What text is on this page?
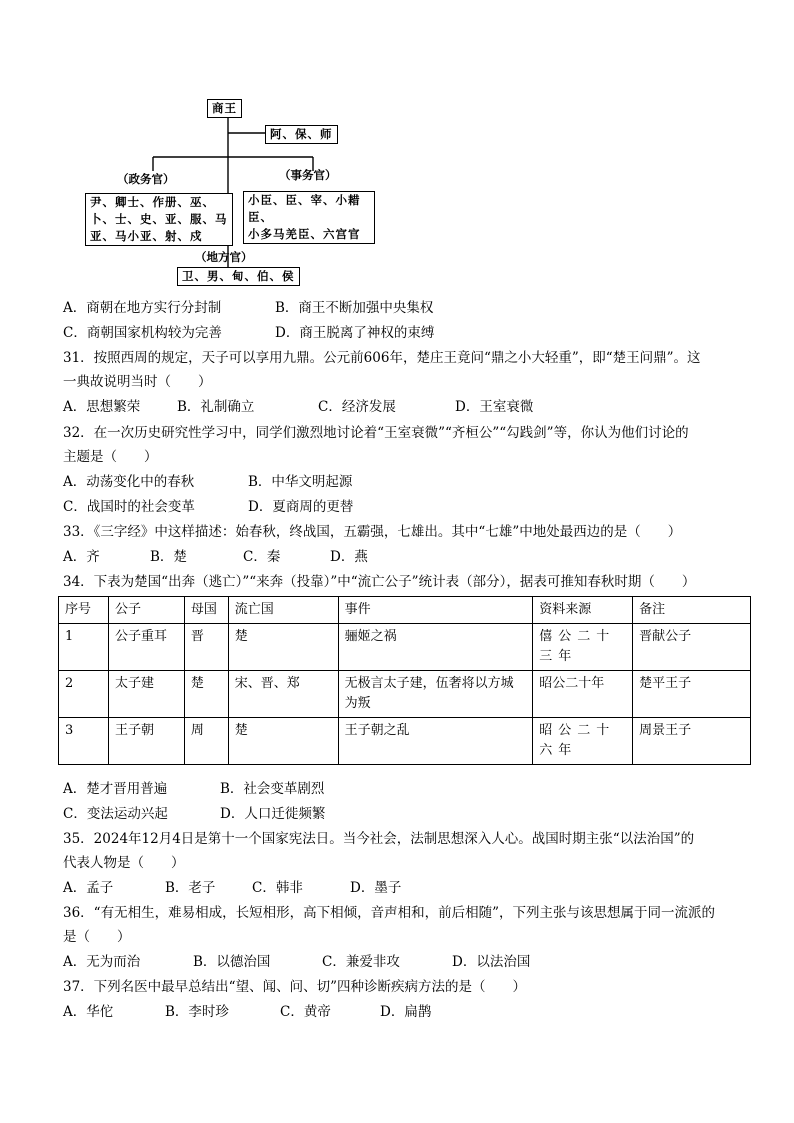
商王
阿、保、师
（政务官）
尹、卿士、作册、巫、
卜、士、史、亚、服、马
亚、马小亚、射、戍
（事务官）
小臣、臣、宰、小耤臣、
小多马羌臣、六宫官
（地方官）
卫、男、甸、伯、侯
A．商朝在地方实行分封制	B．商王不断加强中央集权
C．商朝国家机构较为完善	D．商王脱离了神权的束缚
31．按照西周的规定，天子可以享用九鼎。公元前606年，楚庄王竟问“鼎之小大轻重”，即“楚王问鼎”。这
一典故说明当时（　　）
A．思想繁荣	B．礼制确立	C．经济发展	D．王室衰微
32．在一次历史研究性学习中，同学们激烈地讨论着“王室衰微”“齐桓公”“勾践剑”等，你认为他们讨论的
主题是（　　）
A．动荡变化中的春秋	B．中华文明起源
C．战国时的社会变革	D．夏商周的更替
33．《三字经》中这样描述：始春秋，终战国，五霸强，七雄出。其中“七雄”中地处最西边的是（　　）
A．齐	B．楚	C．秦	D．燕
34．下表为楚国“出奔（逃亡）”“来奔（投靠）”中“流亡公子”统计表（部分），据表可推知春秋时期（　　）
序号	公子	母国	流亡国	事件	资料来源	备注
1	公子重耳	晋	楚	骊姬之祸	僖公二十三年	晋献公子
2	太子建	楚	宋、晋、郑	无极言太子建，伍奢将以方城为叛	昭公二十年	楚平王子
3	王子朝	周	楚	王子朝之乱	昭公二十六年	周景王子
A．楚才晋用普遍	B．社会变革剧烈
C．变法运动兴起	D．人口迁徙频繁
35．2024年12月4日是第十一个国家宪法日。当今社会，法制思想深入人心。战国时期主张“以法治国”的
代表人物是（　　）
A．孟子	B．老子	C．韩非	D．墨子
36．“有无相生，难易相成，长短相形，高下相倾，音声相和，前后相随”，下列主张与该思想属于同一流派的
是（　　）
A．无为而治	B．以德治国	C．兼爱非攻	D．以法治国
37．下列名医中最早总结出“望、闻、问、切”四种诊断疾病方法的是（　　）
A．华佗	B．李时珍	C．黄帝	D．扁鹊
